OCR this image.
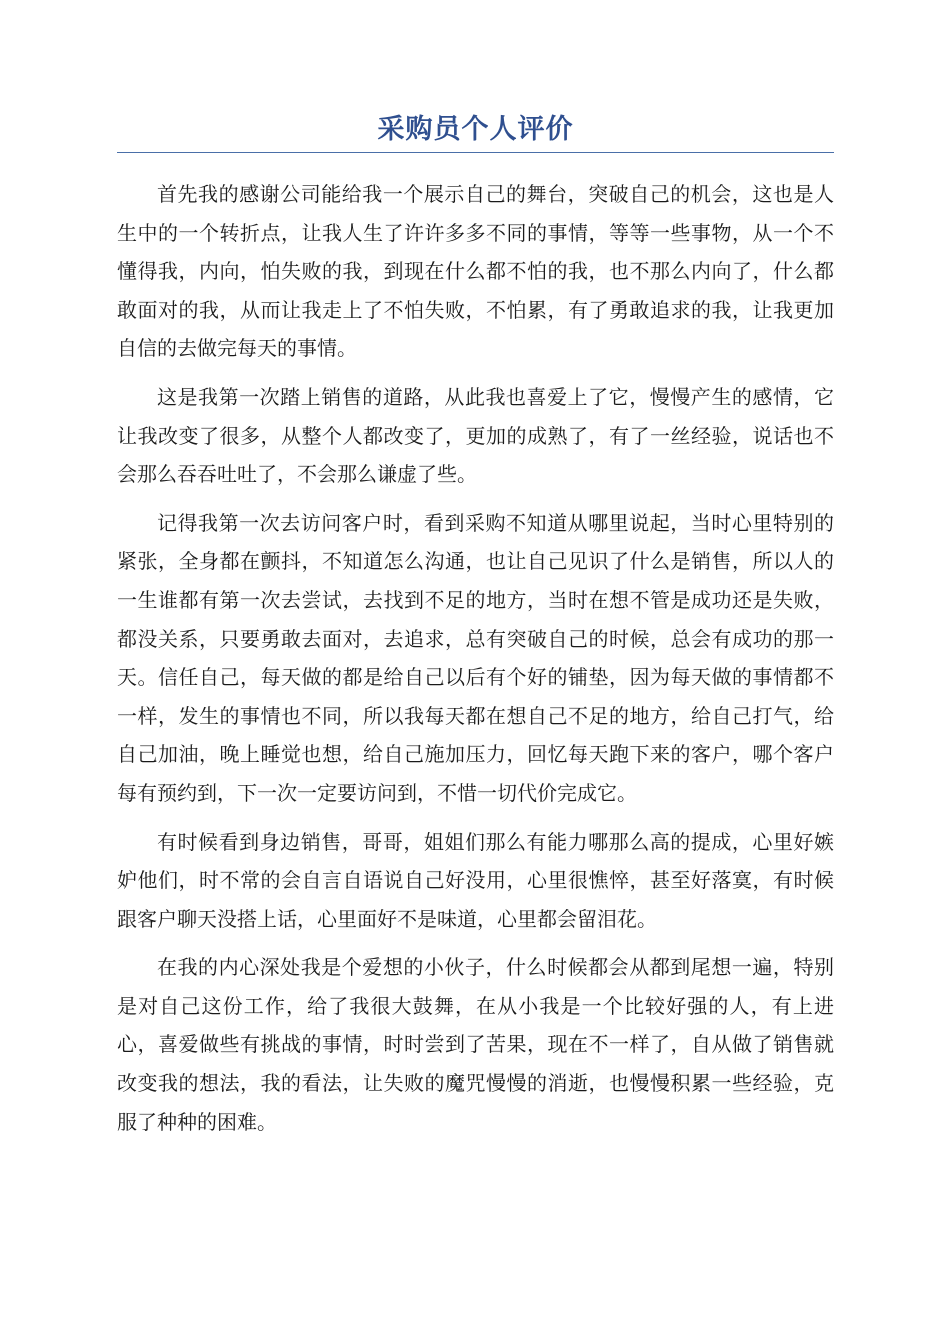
采购员个人评价

首先我的感谢公司能给我一个展示自己的舞台，突破自己的机会，这也是人生中的一个转折点，让我人生了许许多多不同的事情，等等一些事物，从一个不懂得我，内向，怕失败的我，到现在什么都不怕的我，也不那么内向了，什么都敢面对的我，从而让我走上了不怕失败，不怕累，有了勇敢追求的我，让我更加自信的去做完每天的事情。

这是我第一次踏上销售的道路，从此我也喜爱上了它，慢慢产生的感情，它让我改变了很多，从整个人都改变了，更加的成熟了，有了一丝经验，说话也不会那么吞吞吐吐了，不会那么谦虚了些。

记得我第一次去访问客户时，看到采购不知道从哪里说起，当时心里特别的紧张，全身都在颤抖，不知道怎么沟通，也让自己见识了什么是销售，所以人的一生谁都有第一次去尝试，去找到不足的地方，当时在想不管是成功还是失败，都没关系，只要勇敢去面对，去追求，总有突破自己的时候，总会有成功的那一天。信任自己，每天做的都是给自己以后有个好的铺垫，因为每天做的事情都不一样，发生的事情也不同，所以我每天都在想自己不足的地方，给自己打气，给自己加油，晚上睡觉也想，给自己施加压力，回忆每天跑下来的客户，哪个客户每有预约到，下一次一定要访问到，不惜一切代价完成它。

有时候看到身边销售，哥哥，姐姐们那么有能力哪那么高的提成，心里好嫉妒他们，时不常的会自言自语说自己好没用，心里很憔悴，甚至好落寞，有时候跟客户聊天没搭上话，心里面好不是味道，心里都会留泪花。

在我的内心深处我是个爱想的小伙子，什么时候都会从都到尾想一遍，特别是对自己这份工作，给了我很大鼓舞，在从小我是一个比较好强的人，有上进心，喜爱做些有挑战的事情，时时尝到了苦果，现在不一样了，自从做了销售就改变我的想法，我的看法，让失败的魔咒慢慢的消逝，也慢慢积累一些经验，克服了种种的困难。
